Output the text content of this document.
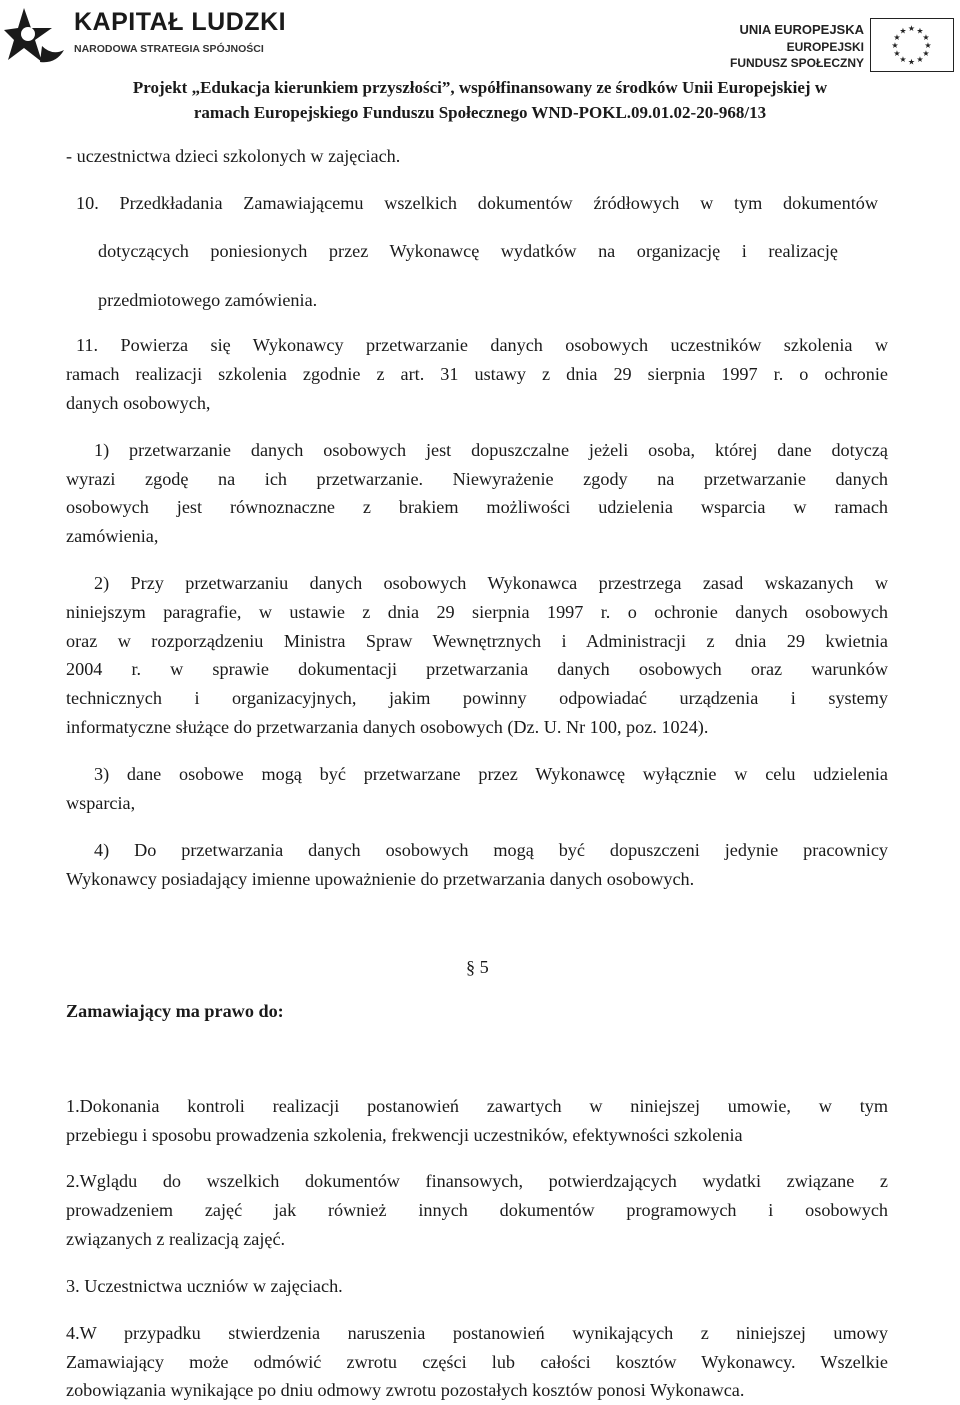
KAPITAŁ LUDZKI
NARODOWA STRATEGIA SPÓJNOŚCI
UNIA EUROPEJSKA
EUROPEJSKI
FUNDUSZ SPOŁECZNY
★ ★
★
★
★
★
★
★
★
★
★
★
Projekt „Edukacja kierunkiem przyszłości”, współfinansowany ze środków Unii Europejskiej w
ramach Europejskiego Funduszu Społecznego WND-POKL.09.01.02-20-968/13
- uczestnictwa dzieci szkolonych w zajęciach.
10. Przedkładania Zamawiającemu wszelkich dokumentów źródłowych w tym dokumentów
dotyczących poniesionych przez Wykonawcę wydatków na organizację i realizację
przedmiotowego zamówienia.
11. Powierza się Wykonawcy przetwarzanie danych osobowych uczestników szkolenia w
ramach realizacji szkolenia zgodnie z art. 31 ustawy z dnia 29 sierpnia 1997 r. o ochronie
danych osobowych,
1) przetwarzanie danych osobowych jest dopuszczalne jeżeli osoba, której dane dotyczą
wyrazi zgodę na ich przetwarzanie. Niewyrażenie zgody na przetwarzanie danych
osobowych jest równoznaczne z brakiem możliwości udzielenia wsparcia w ramach
zamówienia,
2) Przy przetwarzaniu danych osobowych Wykonawca przestrzega zasad wskazanych w
niniejszym paragrafie, w ustawie z dnia 29 sierpnia 1997 r. o ochronie danych osobowych
oraz w rozporządzeniu Ministra Spraw Wewnętrznych i Administracji z dnia 29 kwietnia
2004 r. w sprawie dokumentacji przetwarzania danych osobowych oraz warunków
technicznych i organizacyjnych, jakim powinny odpowiadać urządzenia i systemy
informatyczne służące do przetwarzania danych osobowych (Dz. U. Nr 100, poz. 1024).
3) dane osobowe mogą być przetwarzane przez Wykonawcę wyłącznie w celu udzielenia
wsparcia,
4) Do przetwarzania danych osobowych mogą być dopuszczeni jedynie pracownicy
Wykonawcy posiadający imienne upoważnienie do przetwarzania danych osobowych.
§ 5
Zamawiający ma prawo do:
1.Dokonania kontroli realizacji postanowień zawartych w niniejszej umowie, w tym
przebiegu i sposobu prowadzenia szkolenia, frekwencji uczestników, efektywności szkolenia
2.Wglądu do wszelkich dokumentów finansowych, potwierdzających wydatki związane z
prowadzeniem zajęć jak również innych dokumentów programowych i osobowych
związanych z realizacją zajęć.
3. Uczestnictwa uczniów w zajęciach.
4.W przypadku stwierdzenia naruszenia postanowień wynikających z niniejszej umowy
Zamawiający może odmówić zwrotu części lub całości kosztów Wykonawcy. Wszelkie
zobowiązania wynikające po dniu odmowy zwrotu pozostałych kosztów ponosi Wykonawca.
